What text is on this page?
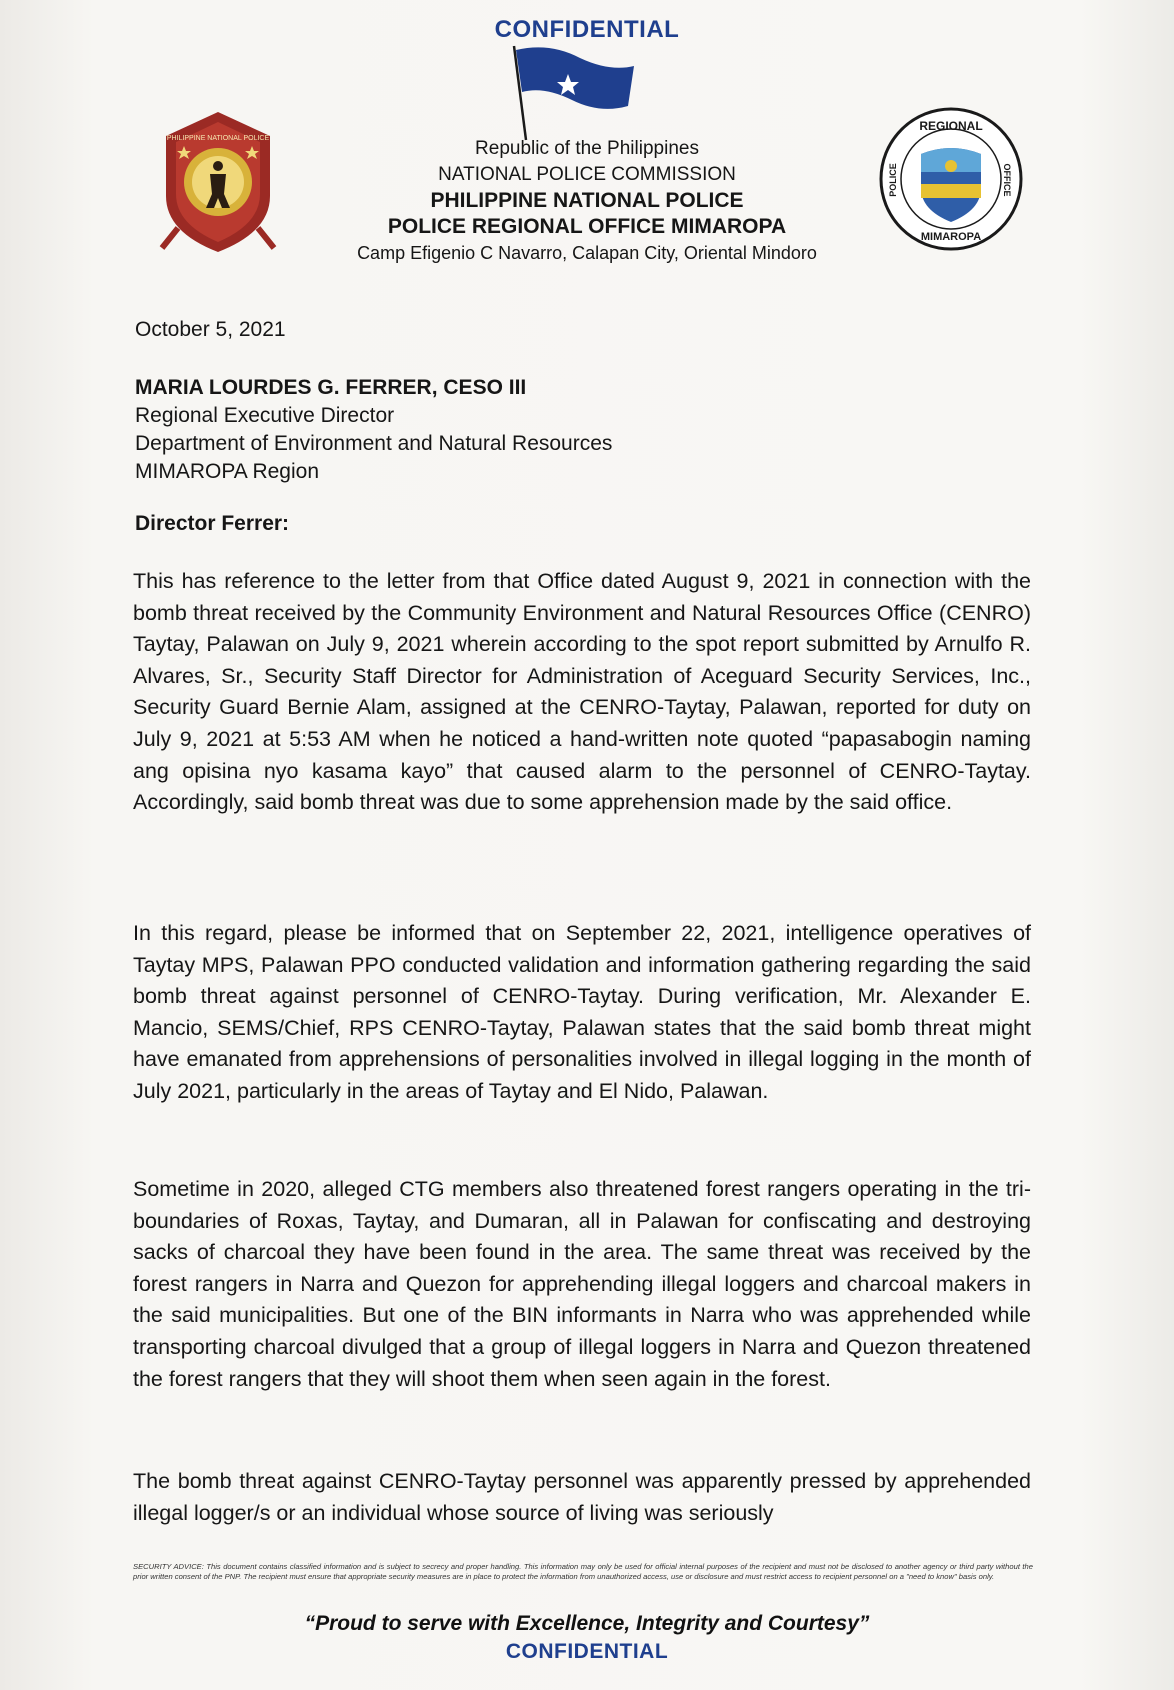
CONFIDENTIAL
PHILIPPINE NATIONAL POLICE
REGIONAL
OFFICE
POLICE
MIMAROPA
Republic of the Philippines
NATIONAL POLICE COMMISSION
PHILIPPINE NATIONAL POLICE
POLICE REGIONAL OFFICE MIMAROPA
Camp Efigenio C Navarro, Calapan City, Oriental Mindoro
October 5, 2021
MARIA LOURDES G. FERRER, CESO III
Regional Executive Director
Department of Environment and Natural Resources
MIMAROPA Region
Director Ferrer:

This has reference to the letter from that Office dated August 9, 2021 in connection with the bomb threat received by the Community Environment and Natural Resources Office (CENRO) Taytay, Palawan on July 9, 2021 wherein according to the spot report submitted by Arnulfo R. Alvares, Sr., Security Staff Director for Administration of Aceguard Security Services, Inc., Security Guard Bernie Alam, assigned at the CENRO-Taytay, Palawan, reported for duty on July 9, 2021 at 5:53 AM when he noticed a hand-written note quoted “papasabogin naming ang opisina nyo kasama kayo” that caused alarm to the personnel of CENRO-Taytay. Accordingly, said bomb threat was due to some apprehension made by the said office.

In this regard, please be informed that on September 22, 2021, intelligence operatives of Taytay MPS, Palawan PPO conducted validation and information gathering regarding the said bomb threat against personnel of CENRO-Taytay. During verification, Mr. Alexander E. Mancio, SEMS/Chief, RPS CENRO-Taytay, Palawan states that the said bomb threat might have emanated from apprehensions of personalities involved in illegal logging in the month of July 2021, particularly in the areas of Taytay and El Nido, Palawan.

Sometime in 2020, alleged CTG members also threatened forest rangers operating in the tri-boundaries of Roxas, Taytay, and Dumaran, all in Palawan for confiscating and destroying sacks of charcoal they have been found in the area. The same threat was received by the forest rangers in Narra and Quezon for apprehending illegal loggers and charcoal makers in the said municipalities. But one of the BIN informants in Narra who was apprehended while transporting charcoal divulged that a group of illegal loggers in Narra and Quezon threatened the forest rangers that they will shoot them when seen again in the forest.

The bomb threat against CENRO-Taytay personnel was apparently pressed by apprehended illegal logger/s or an individual whose source of living was seriously

SECURITY ADVICE: This document contains classified information and is subject to secrecy and proper handling. This information may only be used for official internal purposes of the recipient and must not be disclosed to another agency or third party without the prior written consent of the PNP. The recipient must ensure that appropriate security measures are in place to protect the information from unauthorized access, use or disclosure and must restrict access to recipient personnel on a "need to know" basis only.
“Proud to serve with Excellence, Integrity and Courtesy”
CONFIDENTIAL
